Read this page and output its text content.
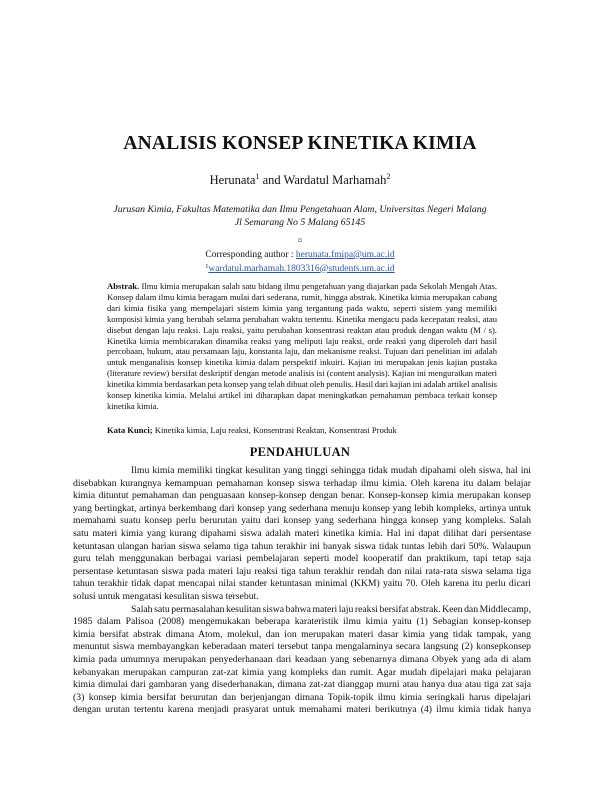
ANALISIS KONSEP KINETIKA KIMIA
Herunata$^1$ and Wardatul Marhamah$^2$
Jurusan Kimia, Fakultas Matematika dan Ilmu Pengetahuan Alam, Universitas Negeri Malang
Jl Semarang No 5 Malang 65145
¤
Corresponding author : herunata.fmipa@um.ac.id
$^1$wardatul.marhamah.1803316@students.um.ac.id
Abstrak. Ilmu kimia merupakan salah satu bidang ilmu pengetahuan yang diajarkan pada Sekolah Mengah Atas.
Konsep dalam ilmu kimia beragam mulai dari sederana, rumit, hingga abstrak. Kinetika kimia merupakan cabang
dari kimia fisika yang mempelajari sistem kimia yang tergantung pada waktu, seperti sistem yang memiliki
komposisi kimia yang berubah selama perubahan waktu tertentu. Kinetika mengacu pada kecepatan reaksi, atau
disebut dengan laju reaksi. Laju reaksi, yaitu perubahan konsentrasi reaktan atau produk dengan waktu (M / s).
Kinetika kimia membicarakan dinamika reaksi yang meliputi laju reaksi, orde reaksi yang diperoleh dari hasil
percobaan, hukum, atau persamaan laju, konstanta laju, dan mekanisme reaksi. Tujuan dari penelitian ini adalah
untuk menganalisis konsep kinetika kimia dalam perspektif inkuiri. Kajian ini merupakan jenis kajian pustaka
(literature review) bersifat deskriptif dengan metode analisis isi (content analysis). Kajian ini menguraikan materi
kinetika kimmia berdasarkan peta konsep yang telah dibuat oleh penulis. Hasil dari kajian ini adalah artikel analisis
konsep kinetika kimia. Melalui artikel ini diharapkan dapat meningkatkan pemahaman pembaca terkait konsep
kinetika kimia.
Kata Kunci; Kinetika kimia, Laju reaksi, Konsentrasi Reaktan, Konsentrasi Produk
PENDAHULUAN
Ilmu kimia memiliki tingkat kesulitan yang tinggi sehingga tidak mudah dipahami oleh siswa, hal ini
disebabkan kurangnya kemampuan pemahaman konsep siswa terhadap ilmu kimia. Oleh karena itu dalam belajar
kimia dituntut pemahaman dan penguasaan konsep-konsep dengan benar. Konsep-konsep kimia merupakan konsep
yang bertingkat, artinya berkembang dari konsep yang sederhana menuju konsep yang lebih kompleks, artinya untuk
memahami suatu konsep perlu berurutan yaitu dari konsep yang sederhana hingga konsep yang kompleks. Salah
satu materi kimia yang kurang dipahami siswa adalah materi kinetika kimia. Hal ini dapat dilihat dari persentase
ketuntasan ulangan harian siswa selama tiga tahun terakhir ini banyak siswa tidak tuntas lebih dari 50%. Walaupun
guru telah menggunakan berbagai variasi pembelajaran seperti model kooperatif dan praktikum, tapi tetap saja
persentase ketuntasan siswa pada materi laju reaksi tiga tahun terakhir rendah dan nilai rata-rata siswa selama tiga
tahun terakhir tidak dapat mencapai nilai stander ketuntasan minimal (KKM) yaitu 70. Oleh karena itu perlu dicari
solusi untuk mengatasi kesulitan siswa tersebut.
Salah satu permasalahan kesulitan siswa bahwa materi laju reaksi bersifat abstrak. Keen dan Middlecamp,
1985 dalam Palisoa (2008) mengemukakan beberapa karateristik ilmu kimia yaitu (1) Sebagian konsep-konsep
kimia bersifat abstrak dimana Atom, molekul, dan ion merupakan materi dasar kimia yang tidak tampak, yang
menuntut siswa membayangkan keberadaan materi tersebut tanpa mengalaminya secara langsung (2) konsepkonsep
kimia pada umumnya merupakan penyederhanaan dari keadaan yang sebenarnya dimana Obyek yang ada di alam
kebanyakan merupakan campuran zat-zat kimia yang kompleks dan rumit. Agar mudah dipelajari maka pelajaran
kimia dimulai dari gambaran yang disederhanakan, dimana zat-zat dianggap murni atau hanya dua atau tiga zat saja
(3) konsep kimia bersifat berurutan dan berjenjangan dimana Topik-topik ilmu kimia seringkali harus dipelajari
dengan urutan tertentu karena menjadi prasyarat untuk memahami materi berikutnya (4) ilmu kimia tidak hanya
